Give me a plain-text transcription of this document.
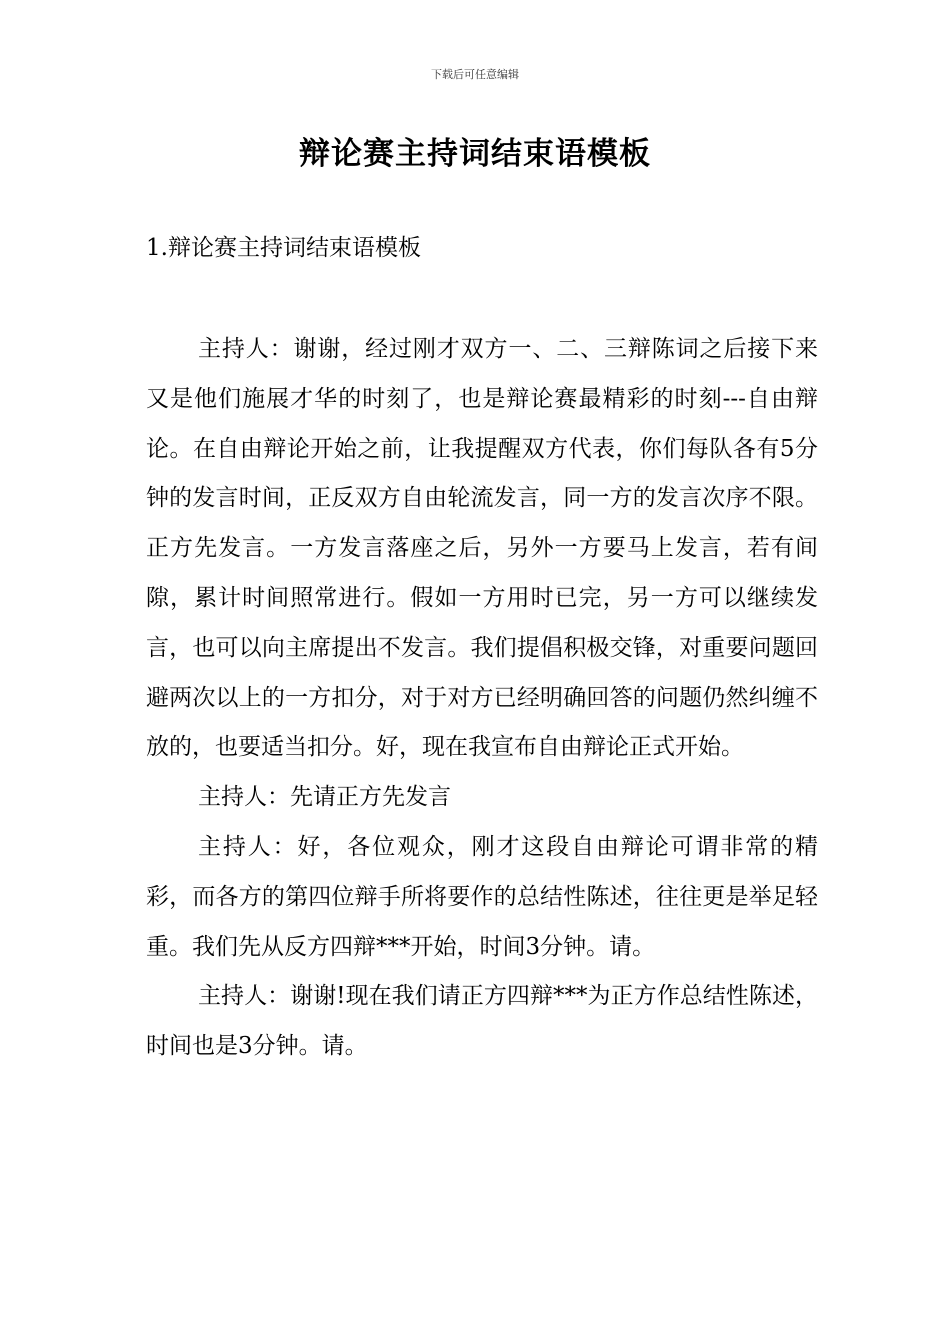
下载后可任意编辑
辩论赛主持词结束语模板
1.辩论赛主持词结束语模板

主持人：谢谢，经过刚才双方一、二、三辩陈词之后接下来又是他们施展才华的时刻了，也是辩论赛最精彩的时刻---自由辩论。在自由辩论开始之前，让我提醒双方代表，你们每队各有5分钟的发言时间，正反双方自由轮流发言，同一方的发言次序不限。正方先发言。一方发言落座之后，另外一方要马上发言，若有间隙，累计时间照常进行。假如一方用时已完，另一方可以继续发言，也可以向主席提出不发言。我们提倡积极交锋，对重要问题回避两次以上的一方扣分，对于对方已经明确回答的问题仍然纠缠不放的，也要适当扣分。好，现在我宣布自由辩论正式开始。

主持人：先请正方先发言

主持人：好，各位观众，刚才这段自由辩论可谓非常的精彩，而各方的第四位辩手所将要作的总结性陈述，往往更是举足轻重。我们先从反方四辩***开始，时间3分钟。请。

主持人：谢谢!现在我们请正方四辩***为正方作总结性陈述，时间也是3分钟。请。
